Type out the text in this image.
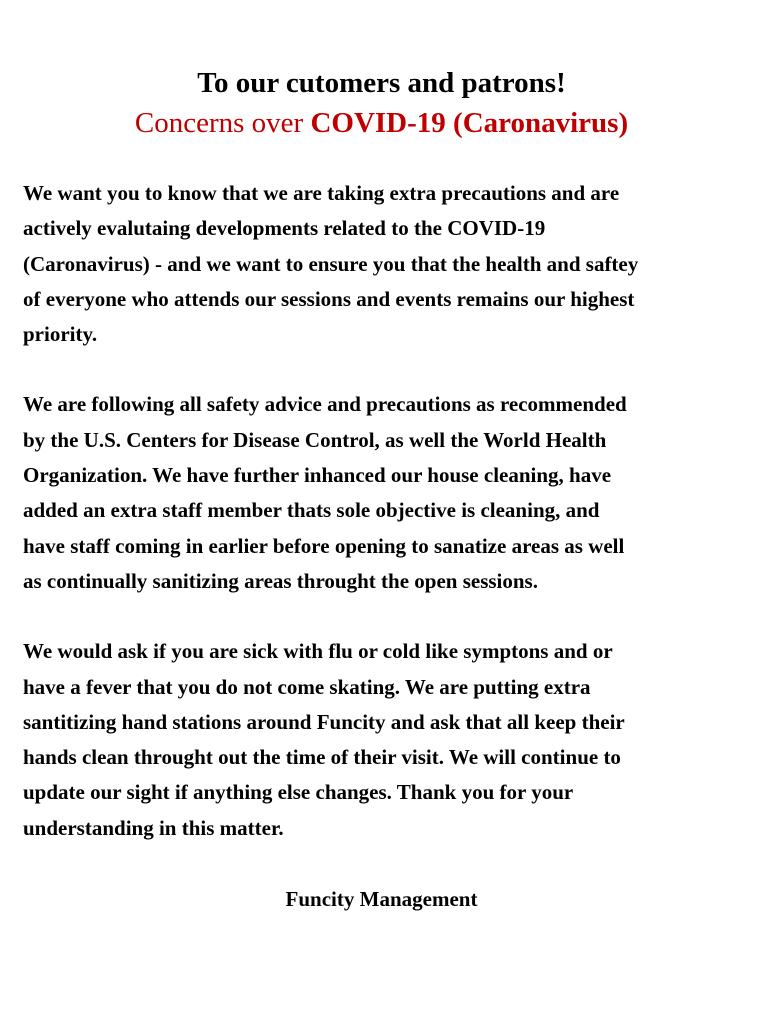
To our cutomers and patrons!
Concerns over COVID-19 (Caronavirus)

We want you to know that we are taking extra precautions and are
actively evalutaing developments related to the COVID-19
(Caronavirus) - and we want to ensure you that the health and saftey
of everyone who attends our sessions and events remains our highest
priority.

We are following all safety advice and precautions as recommended
by the U.S. Centers for Disease Control, as well the World Health
Organization. We have further inhanced our house cleaning, have
added an extra staff member thats sole objective is cleaning, and
have staff coming in earlier before opening to sanatize areas as well
as continually sanitizing areas throught the open sessions.

We would ask if you are sick with flu or cold like symptons and or
have a fever that you do not come skating. We are putting extra
santitizing hand stations around Funcity and ask that all keep their
hands clean throught out the time of their visit. We will continue to
update our sight if anything else changes. Thank you for your
understanding in this matter.

Funcity Management
